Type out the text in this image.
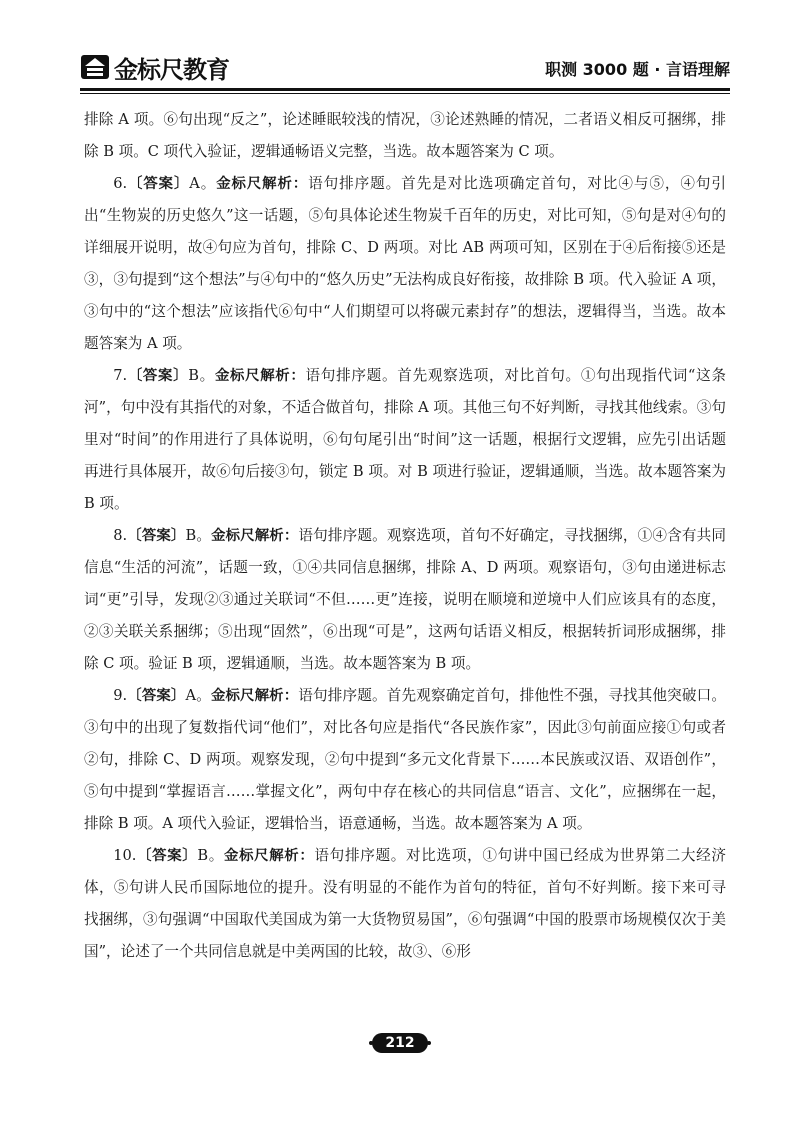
金标尺教育	职测 3000 题 · 言语理解

排除 A 项。⑥句出现“反之”，论述睡眠较浅的情况，③论述熟睡的情况，二者语义相反可捆绑，排除 B 项。C 项代入验证，逻辑通畅语义完整，当选。故本题答案为 C 项。

6.〔答案〕A。金标尺解析：语句排序题。首先是对比选项确定首句，对比④与⑤，④句引出“生物炭的历史悠久”这一话题，⑤句具体论述生物炭千百年的历史，对比可知，⑤句是对④句的详细展开说明，故④句应为首句，排除 C、D 两项。对比 AB 两项可知，区别在于④后衔接⑤还是③，③句提到“这个想法”与④句中的“悠久历史”无法构成良好衔接，故排除 B 项。代入验证 A 项，③句中的“这个想法”应该指代⑥句中“人们期望可以将碳元素封存”的想法，逻辑得当，当选。故本题答案为 A 项。

7.〔答案〕B。金标尺解析：语句排序题。首先观察选项，对比首句。①句出现指代词“这条河”，句中没有其指代的对象，不适合做首句，排除 A 项。其他三句不好判断，寻找其他线索。③句里对“时间”的作用进行了具体说明，⑥句句尾引出“时间”这一话题，根据行文逻辑，应先引出话题再进行具体展开，故⑥句后接③句，锁定 B 项。对 B 项进行验证，逻辑通顺，当选。故本题答案为 B 项。

8.〔答案〕B。金标尺解析：语句排序题。观察选项，首句不好确定，寻找捆绑，①④含有共同信息“生活的河流”，话题一致，①④共同信息捆绑，排除 A、D 两项。观察语句，③句由递进标志词“更”引导，发现②③通过关联词“不但……更”连接，说明在顺境和逆境中人们应该具有的态度，②③关联关系捆绑；⑤出现“固然”，⑥出现“可是”，这两句话语义相反，根据转折词形成捆绑，排除 C 项。验证 B 项，逻辑通顺，当选。故本题答案为 B 项。

9.〔答案〕A。金标尺解析：语句排序题。首先观察确定首句，排他性不强，寻找其他突破口。③句中的出现了复数指代词“他们”，对比各句应是指代“各民族作家”，因此③句前面应接①句或者②句，排除 C、D 两项。观察发现，②句中提到“多元文化背景下……本民族或汉语、双语创作”，⑤句中提到“掌握语言……掌握文化”，两句中存在核心的共同信息“语言、文化”，应捆绑在一起，排除 B 项。A 项代入验证，逻辑恰当，语意通畅，当选。故本题答案为 A 项。

10.〔答案〕B。金标尺解析：语句排序题。对比选项，①句讲中国已经成为世界第二大经济体，⑤句讲人民币国际地位的提升。没有明显的不能作为首句的特征，首句不好判断。接下来可寻找捆绑，③句强调“中国取代美国成为第一大货物贸易国”，⑥句强调“中国的股票市场规模仅次于美国”，论述了一个共同信息就是中美两国的比较，故③、⑥形

212
